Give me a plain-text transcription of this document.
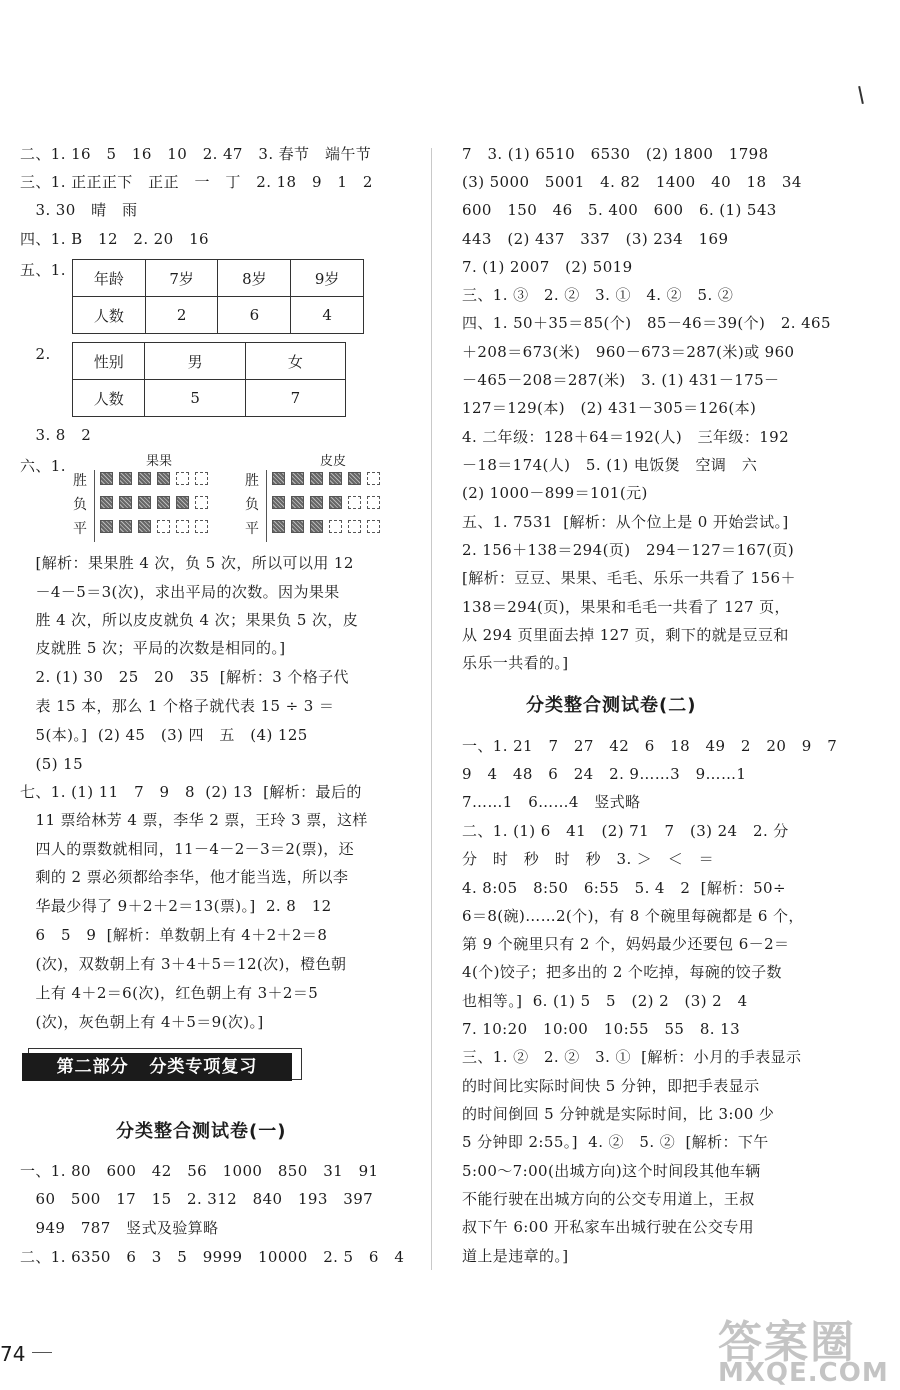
二、1. 16   5   16   10   2. 47   3. 春节   端午节
三、1. 正正正下   正正   一   丁   2. 18   9   1   2
3. 30   晴   雨
四、1. B   12   2. 20   16
五、1. 年龄	7岁	8岁	9岁
人数	2	6	4
2.	性别	男	女
人数	5	7
3. 8   2
六、1.	果果	皮皮
胜
负
平
胜
负
平
[解析：果果胜 4 次，负 5 次，所以可以用 12
－4－5＝3(次)，求出平局的次数。因为果果
胜 4 次，所以皮皮就负 4 次；果果负 5 次，皮
皮就胜 5 次；平局的次数是相同的。]
2. (1) 30   25   20   35  [解析：3 个格子代
表 15 本，那么 1 个格子就代表 15 ÷ 3 ＝
5(本)。]  (2) 45   (3) 四   五   (4) 125
(5) 15
七、1. (1) 11   7   9   8  (2) 13  [解析：最后的
11 票给林芳 4 票，李华 2 票，王玲 3 票，这样
四人的票数就相同，11－4－2－3＝2(票)，还
剩的 2 票必须都给李华，他才能当选，所以李
华最少得了 9＋2＋2＝13(票)。]  2. 8   12
6   5   9  [解析：单数朝上有 4＋2＋2＝8
(次)，双数朝上有 3＋4＋5＝12(次)，橙色朝
上有 4＋2＝6(次)，红色朝上有 3＋2＝5
(次)，灰色朝上有 4＋5＝9(次)。]
第二部分   分类专项复习
分类整合测试卷(一)
一、1. 80   600   42   56   1000   850   31   91
60   500   17   15   2. 312   840   193   397
949   787   竖式及验算略
二、1. 6350   6   3   5   9999   10000   2. 5   6   4
74
7   3. (1) 6510   6530   (2) 1800   1798
(3) 5000   5001   4. 82   1400   40   18   34
600   150   46   5. 400   600   6. (1) 543
443   (2) 437   337   (3) 234   169
7. (1) 2007   (2) 5019
三、1. ③   2. ②   3. ①   4. ②   5. ②
四、1. 50＋35＝85(个)   85－46＝39(个)   2. 465
＋208＝673(米)   960－673＝287(米)或 960
－465－208＝287(米)   3. (1) 431－175－
127＝129(本)   (2) 431－305＝126(本)
4. 二年级：128＋64＝192(人)   三年级：192
－18＝174(人)   5. (1) 电饭煲   空调   六
(2) 1000－899＝101(元)
五、1. 7531  [解析：从个位上是 0 开始尝试。]
2. 156＋138＝294(页)   294－127＝167(页)
[解析：豆豆、果果、毛毛、乐乐一共看了 156＋
138＝294(页)，果果和毛毛一共看了 127 页，
从 294 页里面去掉 127 页，剩下的就是豆豆和
乐乐一共看的。]
分类整合测试卷(二)
一、1. 21   7   27   42   6   18   49   2   20   9   7
9   4   48   6   24   2. 9……3   9……1
7……1   6……4   竖式略
二、1. (1) 6   41   (2) 71   7   (3) 24   2. 分
分   时   秒   时   秒   3. ＞   ＜   ＝
4. 8:05   8:50   6:55   5. 4   2  [解析：50÷
6＝8(碗)……2(个)，有 8 个碗里每碗都是 6 个，
第 9 个碗里只有 2 个，妈妈最少还要包 6－2＝
4(个)饺子；把多出的 2 个吃掉，每碗的饺子数
也相等。]  6. (1) 5   5   (2) 2   (3) 2   4
7. 10:20   10:00   10:55   55   8. 13
三、1. ②   2. ②   3. ①  [解析：小月的手表显示
的时间比实际时间快 5 分钟，即把手表显示
的时间倒回 5 分钟就是实际时间，比 3:00 少
5 分钟即 2:55。]  4. ②   5. ②  [解析：下午
5:00～7:00(出城方向)这个时间段其他车辆
不能行驶在出城方向的公交专用道上，王叔
叔下午 6:00 开私家车出城行驶在公交专用
道上是违章的。]
答案圈
MXQE.COM
